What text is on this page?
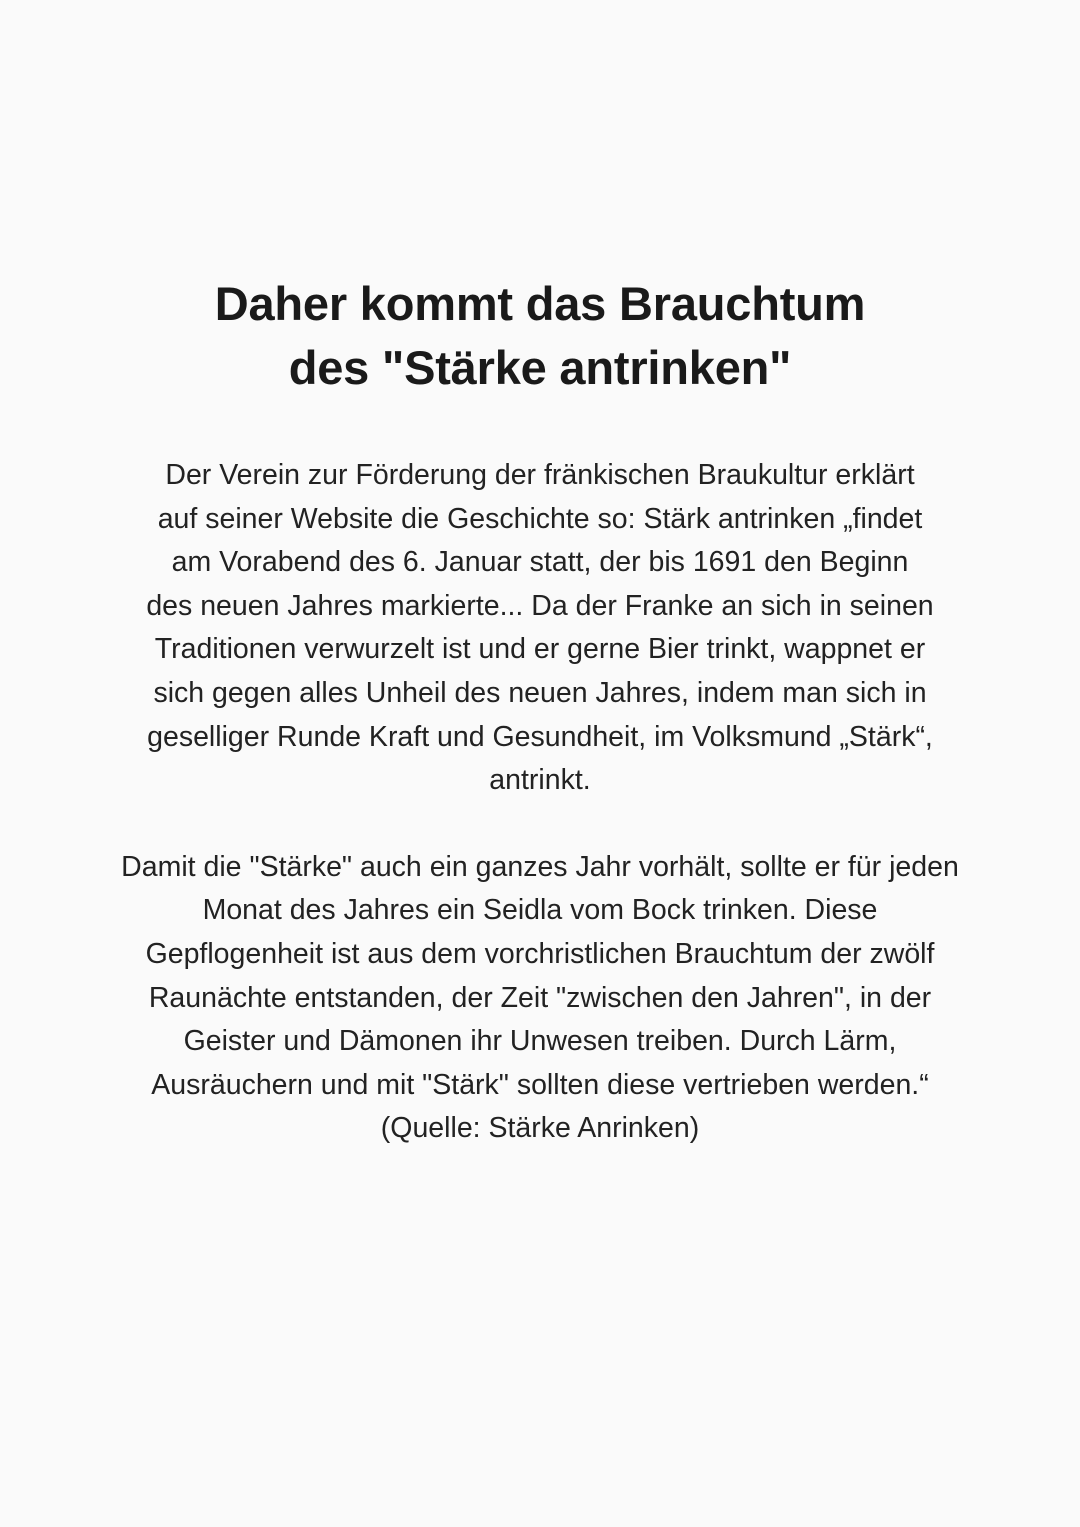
Daher kommt das Brauchtum des "Stärke antrinken"

Der Verein zur Förderung der fränkischen Braukultur erklärt auf seiner Website die Geschichte so: Stärk antrinken „findet am Vorabend des 6. Januar statt, der bis 1691 den Beginn des neuen Jahres markierte... Da der Franke an sich in seinen Traditionen verwurzelt ist und er gerne Bier trinkt, wappnet er sich gegen alles Unheil des neuen Jahres, indem man sich in geselliger Runde Kraft und Gesundheit, im Volksmund „Stärk“, antrinkt.

Damit die "Stärke" auch ein ganzes Jahr vorhält, sollte er für jeden Monat des Jahres ein Seidla vom Bock trinken. Diese Gepflogenheit ist aus dem vorchristlichen Brauchtum der zwölf Raunächte entstanden, der Zeit "zwischen den Jahren", in der Geister und Dämonen ihr Unwesen treiben. Durch Lärm, Ausräuchern und mit "Stärk" sollten diese vertrieben werden.“ (Quelle: Stärke Anrinken)
